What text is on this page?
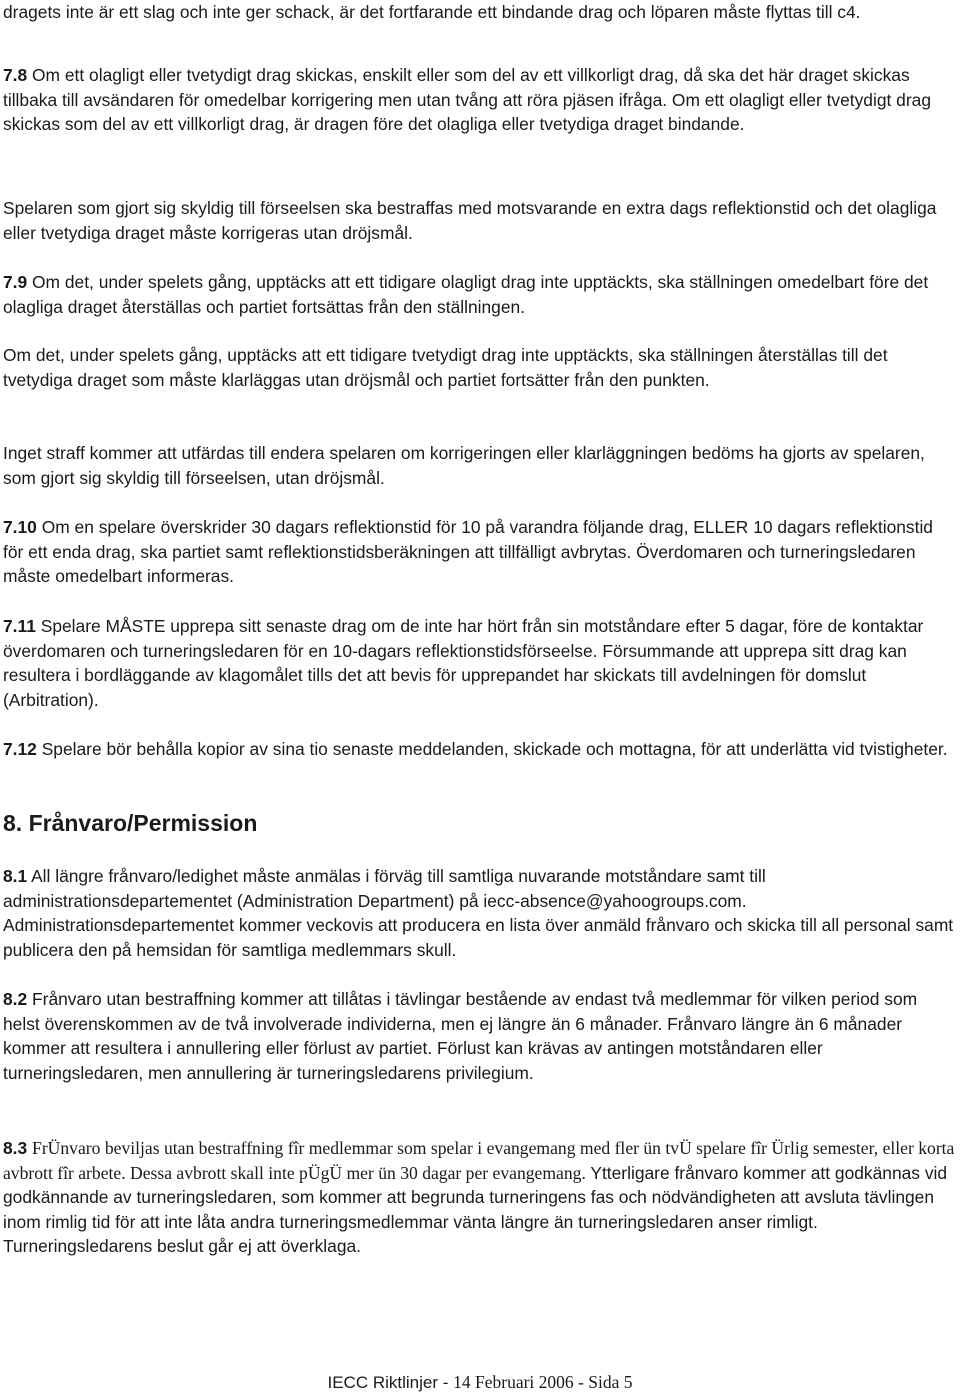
dragets inte är ett slag och inte ger schack, är det fortfarande ett bindande drag och löparen måste flyttas till c4.

7.8 Om ett olagligt eller tvetydigt drag skickas, enskilt eller som del av ett villkorligt drag, då ska det här draget skickas tillbaka till avsändaren för omedelbar korrigering men utan tvång att röra pjäsen ifråga. Om ett olagligt eller tvetydigt drag skickas som del av ett villkorligt drag, är dragen före det olagliga eller tvetydiga draget bindande.

Spelaren som gjort sig skyldig till förseelsen ska bestraffas med motsvarande en extra dags reflektionstid och det olagliga eller tvetydiga draget måste korrigeras utan dröjsmål.

7.9 Om det, under spelets gång, upptäcks att ett tidigare olagligt drag inte upptäckts, ska ställningen omedelbart före det olagliga draget återställas och partiet fortsättas från den ställningen.

Om det, under spelets gång, upptäcks att ett tidigare tvetydigt drag inte upptäckts, ska ställningen återställas till det tvetydiga draget som måste klarläggas utan dröjsmål och partiet fortsätter från den punkten.

Inget straff kommer att utfärdas till endera spelaren om korrigeringen eller klarläggningen bedöms ha gjorts av spelaren, som gjort sig skyldig till förseelsen, utan dröjsmål.

7.10 Om en spelare överskrider 30 dagars reflektionstid för 10 på varandra följande drag, ELLER 10 dagars reflektionstid för ett enda drag, ska partiet samt reflektionstidsberäkningen att tillfälligt avbrytas. Överdomaren och turneringsledaren måste omedelbart informeras.

7.11 Spelare MÅSTE upprepa sitt senaste drag om de inte har hört från sin motståndare efter 5 dagar, före de kontaktar överdomaren och turneringsledaren för en 10-dagars reflektionstidsförseelse. Försummande att upprepa sitt drag kan resultera i bordläggande av klagomålet tills det att bevis för upprepandet har skickats till avdelningen för domslut (Arbitration).

7.12 Spelare bör behålla kopior av sina tio senaste meddelanden, skickade och mottagna, för att underlätta vid tvistigheter.

8. Frånvaro/Permission

8.1 All längre frånvaro/ledighet måste anmälas i förväg till samtliga nuvarande motståndare samt till administrationsdepartementet (Administration Department) på iecc-absence@yahoogroups.com. Administrationsdepartementet kommer veckovis att producera en lista över anmäld frånvaro och skicka till all personal samt publicera den på hemsidan för samtliga medlemmars skull.

8.2 Frånvaro utan bestraffning kommer att tillåtas i tävlingar bestående av endast två medlemmar för vilken period som helst överenskommen av de två involverade individerna, men ej längre än 6 månader. Frånvaro längre än 6 månader kommer att resultera i annullering eller förlust av partiet. Förlust kan krävas av antingen motståndaren eller turneringsledaren, men annullering är turneringsledarens privilegium.

8.3 FrÜnvaro beviljas utan bestraffning fîr medlemmar som spelar i evangemang med fler ün tvÜ spelare fîr Ürlig semester, eller korta avbrott fîr arbete. Dessa avbrott skall inte pÜgÜ mer ün 30 dagar per evangemang. Ytterligare frånvaro kommer att godkännas vid godkännande av turneringsledaren, som kommer att begrunda turneringens fas och nödvändigheten att avsluta tävlingen inom rimlig tid för att inte låta andra turneringsmedlemmar vänta längre än turneringsledaren anser rimligt. Turneringsledarens beslut går ej att överklaga.

IECC Riktlinjer - 14 Februari 2006 - Sida 5
